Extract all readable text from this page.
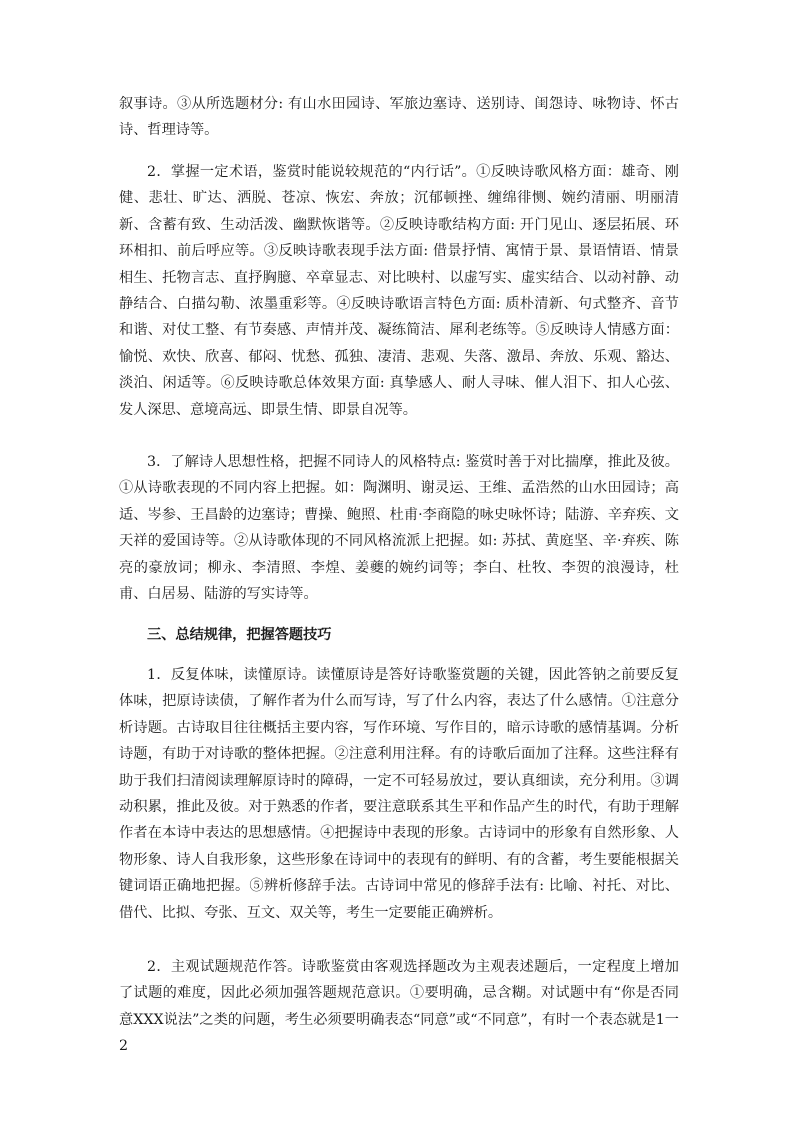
叙事诗。③从所选题材分: 有山水田园诗、军旅边塞诗、送别诗、闺怨诗、咏物诗、怀古诗、哲理诗等。

2．掌握一定术语，鉴赏时能说较规范的“内行话”。①反映诗歌风格方面：雄奇、刚健、悲壮、旷达、洒脱、苍凉、恢宏、奔放；沉郁顿挫、缠绵徘恻、婉约清丽、明丽清新、含蓄有致、生动活泼、幽默恢谐等。②反映诗歌结构方面: 开门见山、逐层拓展、环环相扣、前后呼应等。③反映诗歌表现手法方面: 借景抒情、寓情于景、景语情语、情景相生、托物言志、直抒胸臆、卒章显志、对比映村、以虚写实、虚实结合、以动衬静、动静结合、白描勾勒、浓墨重彩等。④反映诗歌语言特色方面: 质朴清新、句式整齐、音节和谐、对仗工整、有节奏感、声情并茂、凝练简洁、犀利老练等。⑤反映诗人情感方面：愉悦、欢快、欣喜、郁闷、忧愁、孤独、凄清、悲观、失落、激昂、奔放、乐观、豁达、淡泊、闲适等。⑥反映诗歌总体效果方面: 真挚感人、耐人寻味、催人泪下、扣人心弦、发人深思、意境高远、即景生情、即景自况等。

3．了解诗人思想性格，把握不同诗人的风格特点: 鉴赏时善于对比揣摩，推此及彼。①从诗歌表现的不同内容上把握。如：陶渊明、谢灵运、王维、孟浩然的山水田园诗；高适、岑参、王昌龄的边塞诗；曹操、鲍照、杜甫·李商隐的咏史咏怀诗；陆游、辛弃疾、文天祥的爱国诗等。②从诗歌体现的不同风格流派上把握。如: 苏拭、黄庭坚、辛·弃疾、陈亮的豪放词；柳永、李清照、李煌、姜夔的婉约词等；李白、杜牧、李贺的浪漫诗，杜甫、白居易、陆游的写实诗等。

三、总结规律，把握答题技巧

1．反复体味，读懂原诗。读懂原诗是答好诗歌鉴赏题的关键，因此答钠之前要反复体味，把原诗读债，了解作者为什么而写诗，写了什么内容，表达了什么感情。①注意分析诗题。古诗取目往往概括主要内容，写作环境、写作目的，暗示诗歌的感情基调。分析诗题，有助于对诗歌的整体把握。②注意利用注释。有的诗歌后面加了注释。这些注释有助于我们扫清阅读理解原诗时的障碍，一定不可轻易放过，要认真细读，充分利用。③调动积累，推此及彼。对于熟悉的作者，要注意联系其生平和作品产生的时代，有助于理解作者在本诗中表达的思想感情。④把握诗中表现的形象。古诗词中的形象有自然形象、人物形象、诗人自我形象，这些形象在诗词中的表现有的鲜明、有的含蓄，考生要能根据关键词语正确地把握。⑤辨析修辞手法。古诗词中常见的修辞手法有: 比喻、衬托、对比、借代、比拟、夸张、互文、双关等，考生一定要能正确辨析。

2．主观试题规范作答。诗歌鉴赏由客观选择题改为主观表述题后，一定程度上增加了试题的难度，因此必须加强答题规范意识。①要明确，忌含糊。对试题中有“你是否同意XXX说法”之类的问题，考生必须要明确表态“同意”或“不同意”，有时一个表态就是1一2
